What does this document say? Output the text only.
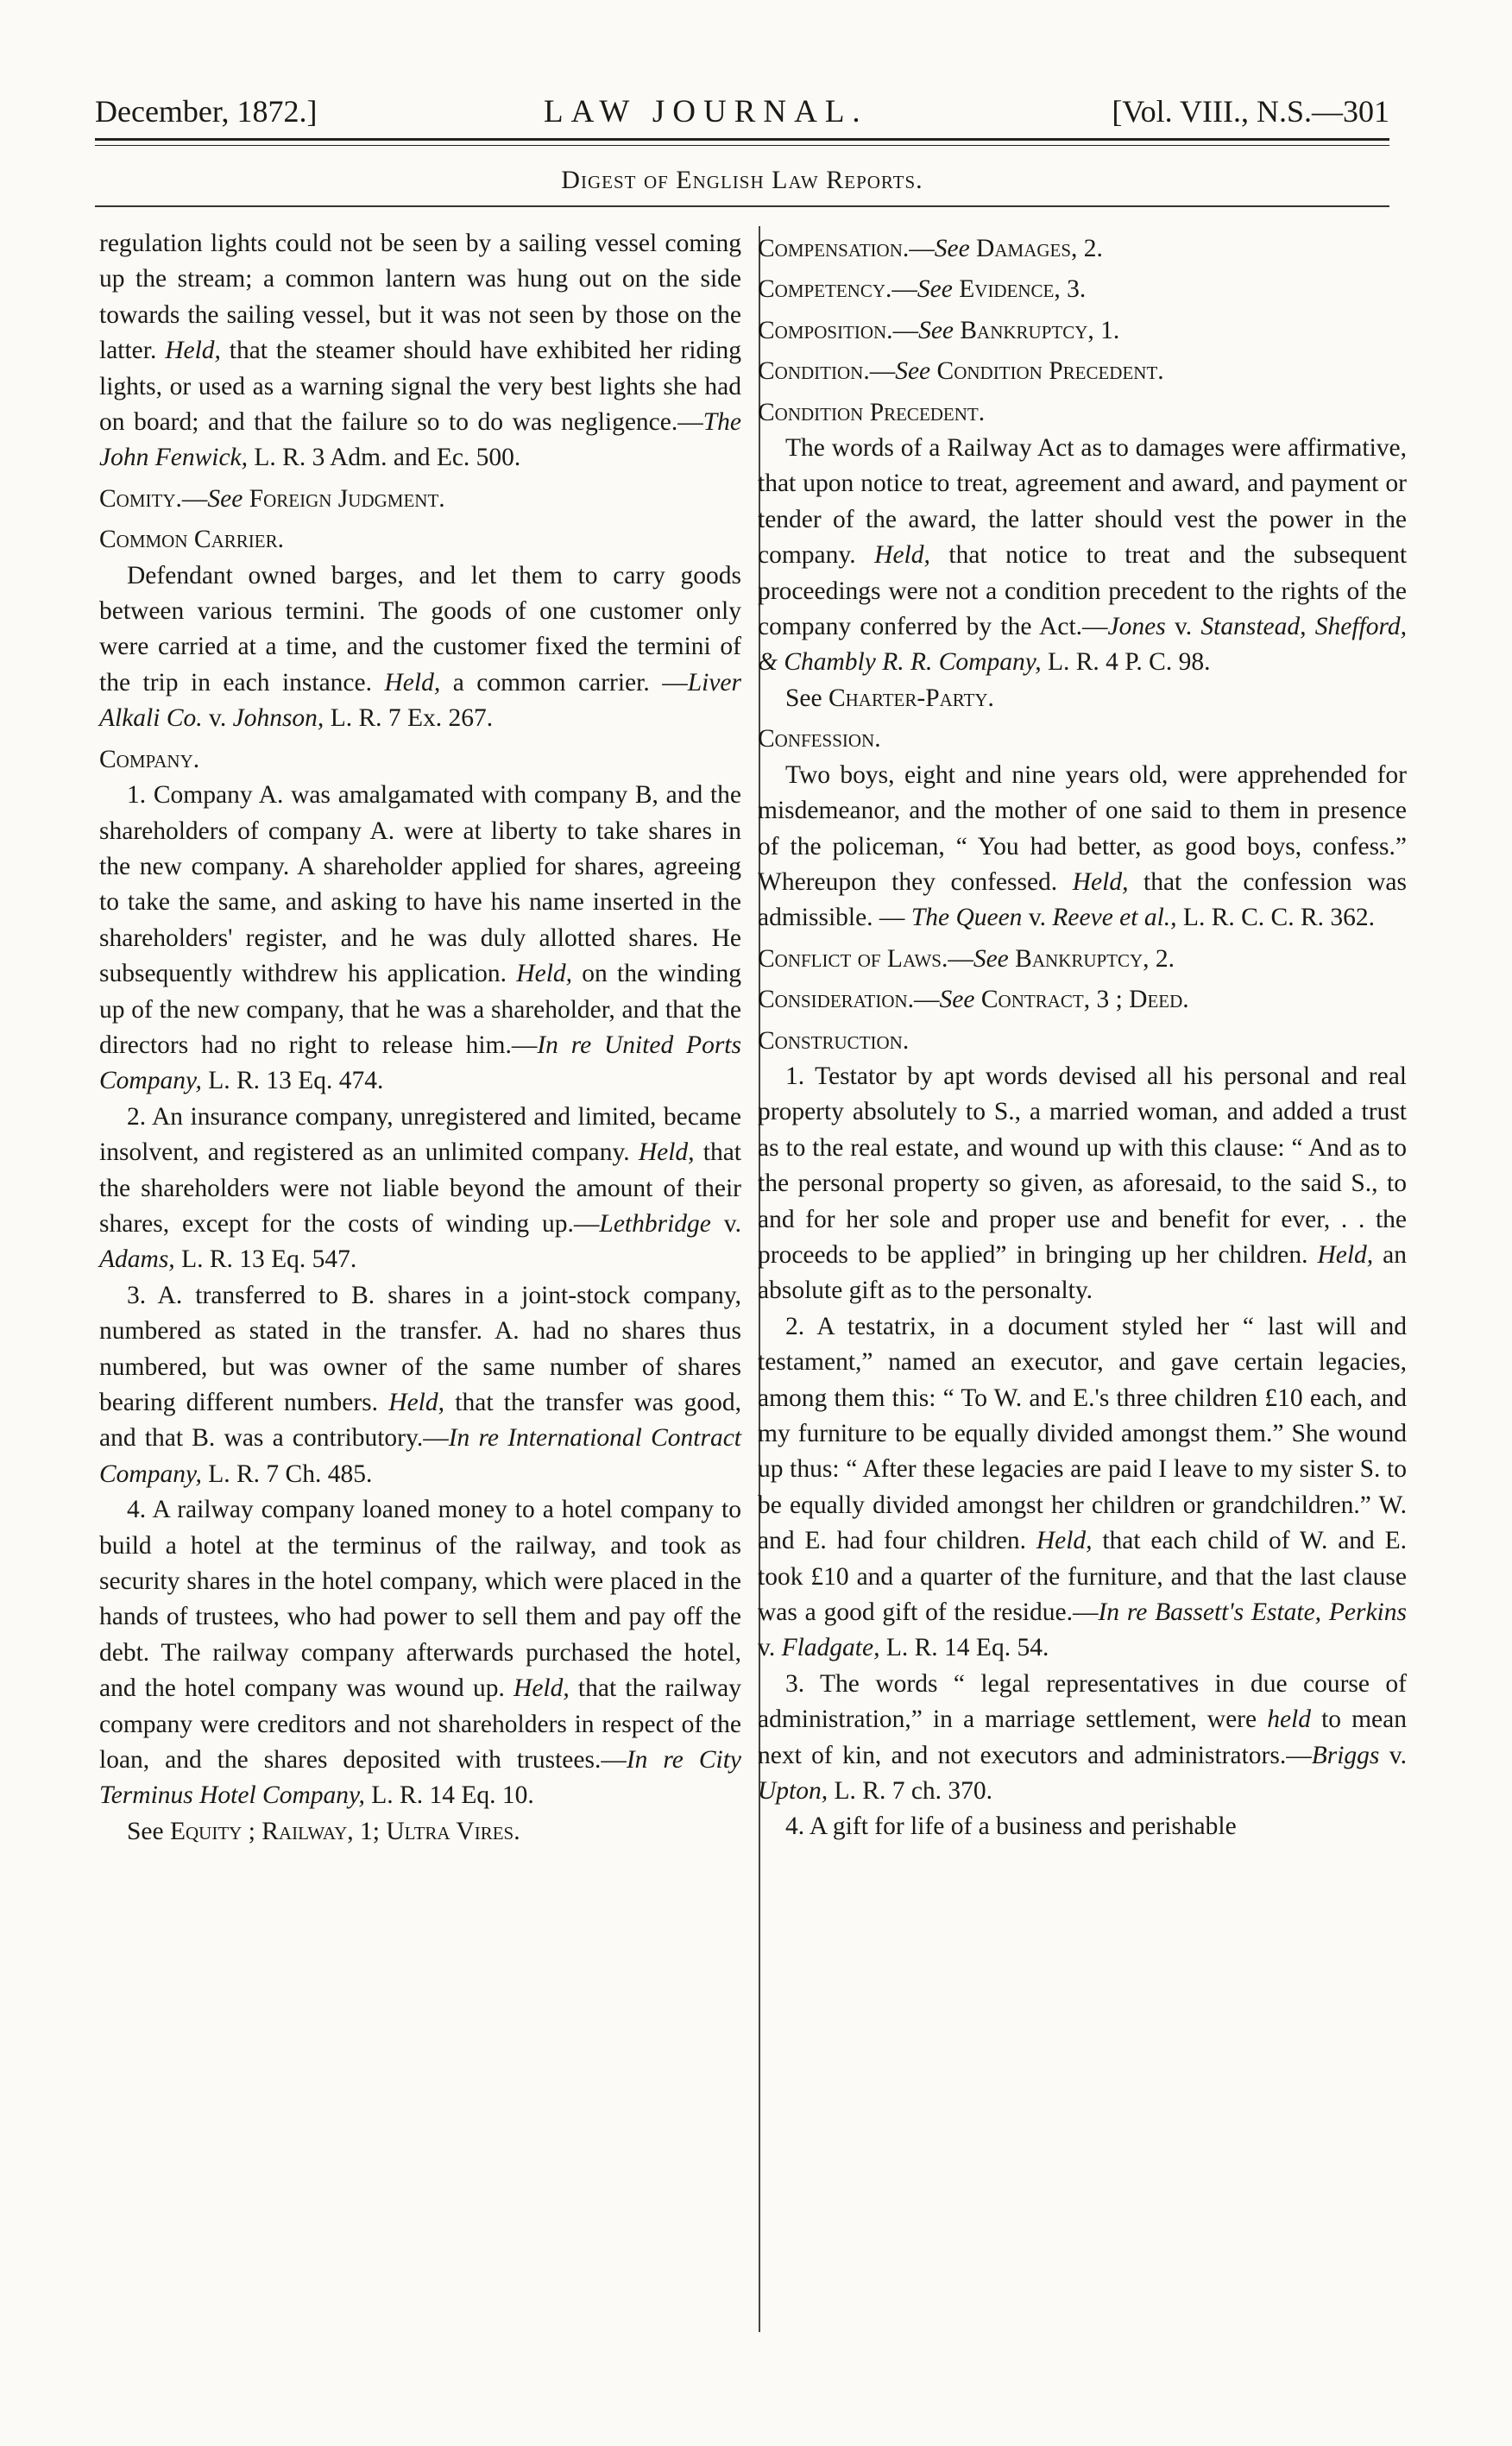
December, 1872.]	LAW JOURNAL.	[Vol. VIII., N.S.—301
Digest of English Law Reports.

regulation lights could not be seen by a sailing vessel coming up the stream; a common lantern was hung out on the side towards the sailing vessel, but it was not seen by those on the latter. Held, that the steamer should have exhibited her riding lights, or used as a warning signal the very best lights she had on board; and that the failure so to do was negligence.—The John Fenwick, L. R. 3 Adm. and Ec. 500.

Comity.—See Foreign Judgment.

Common Carrier.

Defendant owned barges, and let them to carry goods between various termini. The goods of one customer only were carried at a time, and the customer fixed the termini of the trip in each instance. Held, a common carrier. —Liver Alkali Co. v. Johnson, L. R. 7 Ex. 267.

Company.

1. Company A. was amalgamated with company B, and the shareholders of company A. were at liberty to take shares in the new company. A shareholder applied for shares, agreeing to take the same, and asking to have his name inserted in the shareholders' register, and he was duly allotted shares. He subsequently withdrew his application. Held, on the winding up of the new company, that he was a shareholder, and that the directors had no right to release him.—In re United Ports Company, L. R. 13 Eq. 474.

2. An insurance company, unregistered and limited, became insolvent, and registered as an unlimited company. Held, that the shareholders were not liable beyond the amount of their shares, except for the costs of winding up.—Lethbridge v. Adams, L. R. 13 Eq. 547.

3. A. transferred to B. shares in a joint-stock company, numbered as stated in the transfer. A. had no shares thus numbered, but was owner of the same number of shares bearing different numbers. Held, that the transfer was good, and that B. was a contributory.—In re International Contract Company, L. R. 7 Ch. 485.

4. A railway company loaned money to a hotel company to build a hotel at the terminus of the railway, and took as security shares in the hotel company, which were placed in the hands of trustees, who had power to sell them and pay off the debt. The railway company afterwards purchased the hotel, and the hotel company was wound up. Held, that the railway company were creditors and not shareholders in respect of the loan, and the shares deposited with trustees.—In re City Terminus Hotel Company, L. R. 14 Eq. 10.

See Equity ; Railway, 1; Ultra Vires.

Compensation.—See Damages, 2.

Competency.—See Evidence, 3.

Composition.—See Bankruptcy, 1.

Condition.—See Condition Precedent.

Condition Precedent.

The words of a Railway Act as to damages were affirmative, that upon notice to treat, agreement and award, and payment or tender of the award, the latter should vest the power in the company. Held, that notice to treat and the subsequent proceedings were not a condition precedent to the rights of the company conferred by the Act.—Jones v. Stanstead, Shefford, & Chambly R. R. Company, L. R. 4 P. C. 98.

See Charter-Party.

Confession.

Two boys, eight and nine years old, were apprehended for misdemeanor, and the mother of one said to them in presence of the policeman, “ You had better, as good boys, confess.” Whereupon they confessed. Held, that the confession was admissible. — The Queen v. Reeve et al., L. R. C. C. R. 362.

Conflict of Laws.—See Bankruptcy, 2.

Consideration.—See Contract, 3 ; Deed.

Construction.

1. Testator by apt words devised all his personal and real property absolutely to S., a married woman, and added a trust as to the real estate, and wound up with this clause: “ And as to the personal property so given, as aforesaid, to the said S., to and for her sole and proper use and benefit for ever, . . the proceeds to be applied” in bringing up her children. Held, an absolute gift as to the personalty.

2. A testatrix, in a document styled her “ last will and testament,” named an executor, and gave certain legacies, among them this: “ To W. and E.'s three children £10 each, and my furniture to be equally divided amongst them.” She wound up thus: “ After these legacies are paid I leave to my sister S. to be equally divided amongst her children or grandchildren.” W. and E. had four children. Held, that each child of W. and E. took £10 and a quarter of the furniture, and that the last clause was a good gift of the residue.—In re Bassett's Estate, Perkins v. Fladgate, L. R. 14 Eq. 54.

3. The words “ legal representatives in due course of administration,” in a marriage settlement, were held to mean next of kin, and not executors and administrators.—Briggs v. Upton, L. R. 7 ch. 370.

4. A gift for life of a business and perishable
